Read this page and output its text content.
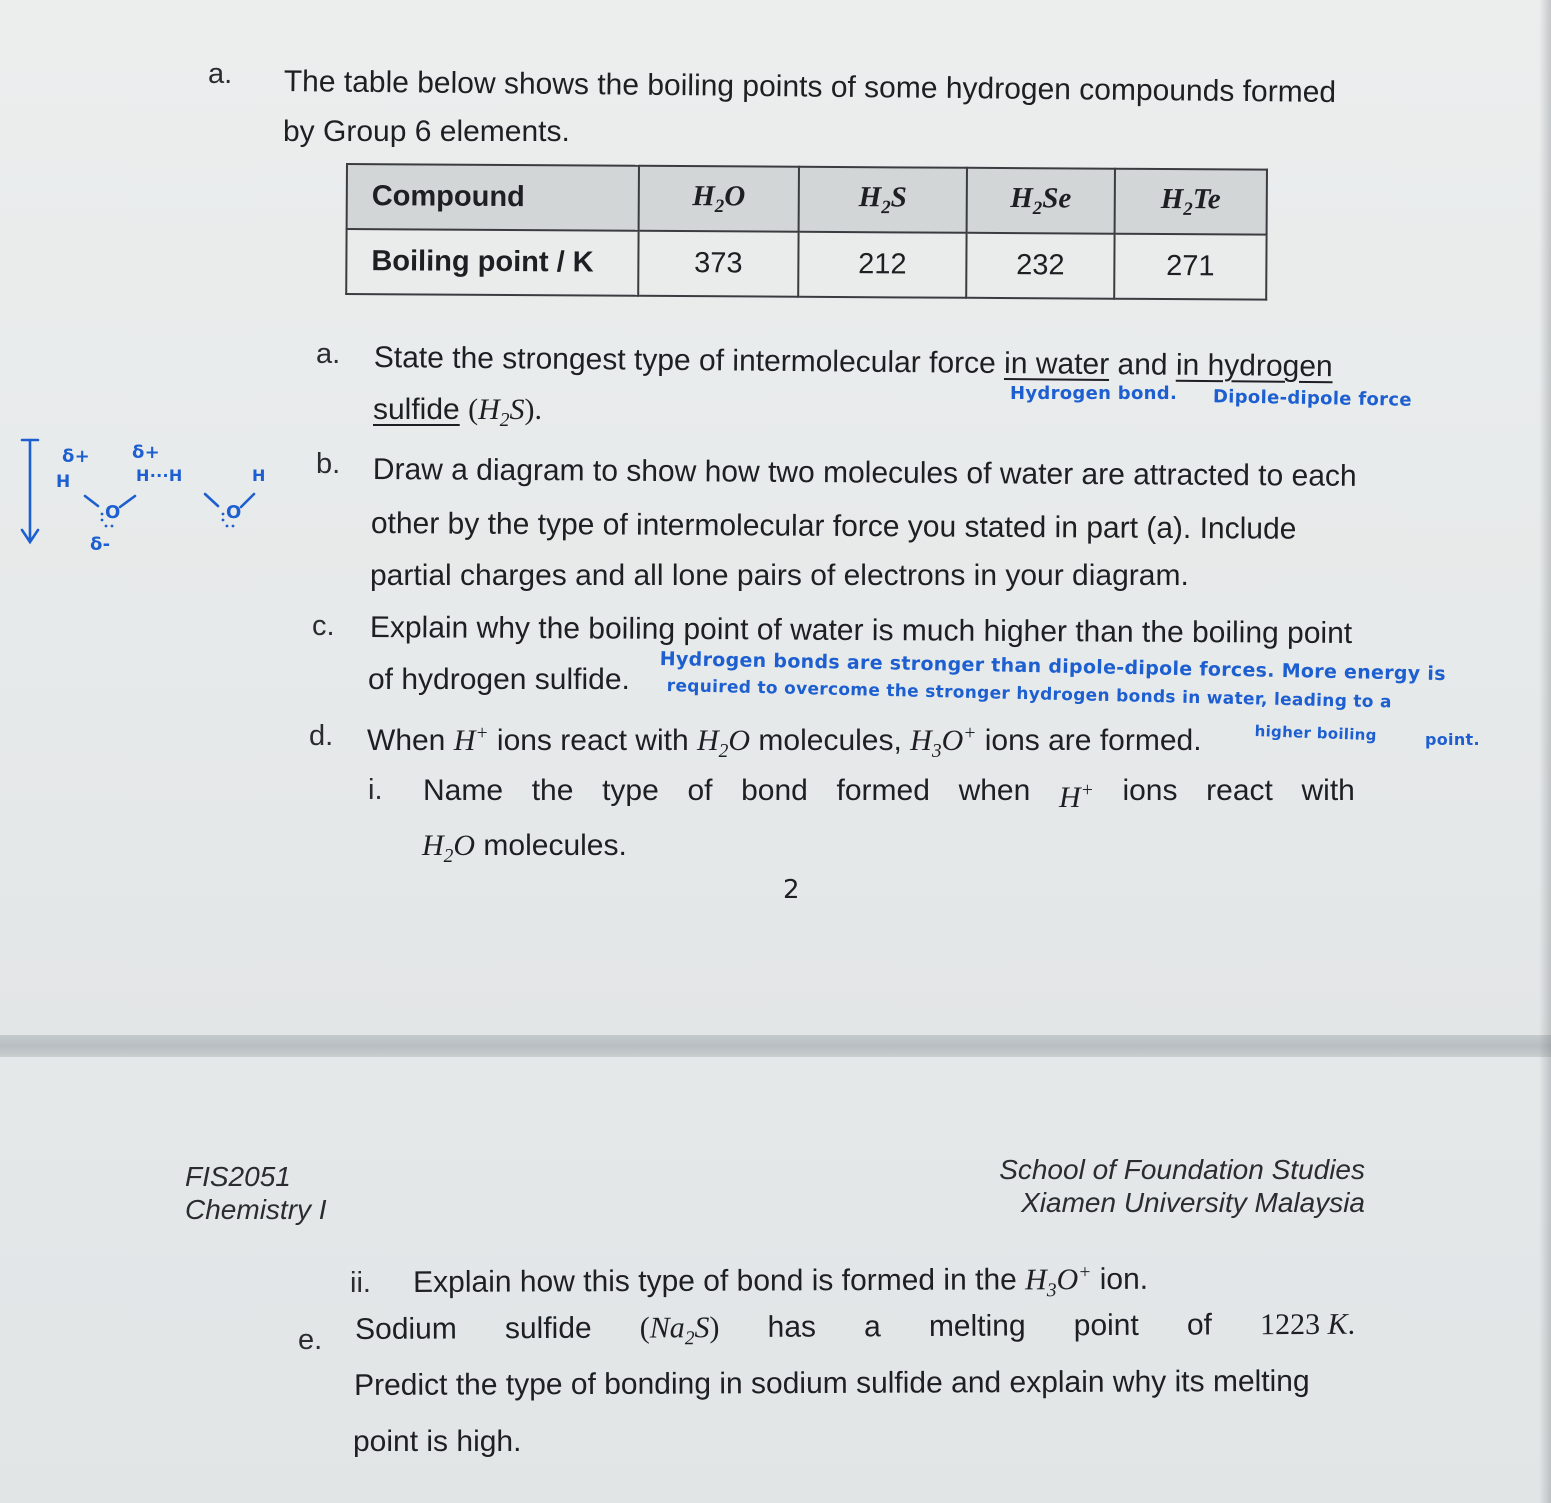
a. The table below shows the boiling points of some hydrogen compounds formed
by Group 6 elements.
Compound	$H_2O$	$H_2S$	$H_2Se$	$H_2Te$
Boiling point / K	373	212	232	271
a. State the strongest type of intermolecular force in water and in hydrogen
sulfide $(H_2S)$.
b. Draw a diagram to show how two molecules of water are attracted to each
other by the type of intermolecular force you stated in part (a). Include
partial charges and all lone pairs of electrons in your diagram.
c. Explain why the boiling point of water is much higher than the boiling point
of hydrogen sulfide.
d. When H+ ions react with $H_2O$ molecules, $H_3O^+$ ions are formed.
i. Name the type of bond formed when H+ ions react with
$H_2O$ molecules.
2
FIS2051
Chemistry I
School of Foundation Studies
Xiamen University Malaysia
ii. Explain how this type of bond is formed in the $H_3O^+$ ion.
e. Sodium sulfide $(Na_2S)$ has a melting point of 1223 K.
Predict the type of bonding in sodium sulfide and explain why its melting
point is high.
Hydrogen bond. Dipole-dipole force
Hydrogen bonds are stronger than dipole-dipole forces. More energy is
required to overcome the stronger hydrogen bonds in water, leading to a
higher boiling	point.
δ+ δ+
H	H···H	H
O	O
δ-
